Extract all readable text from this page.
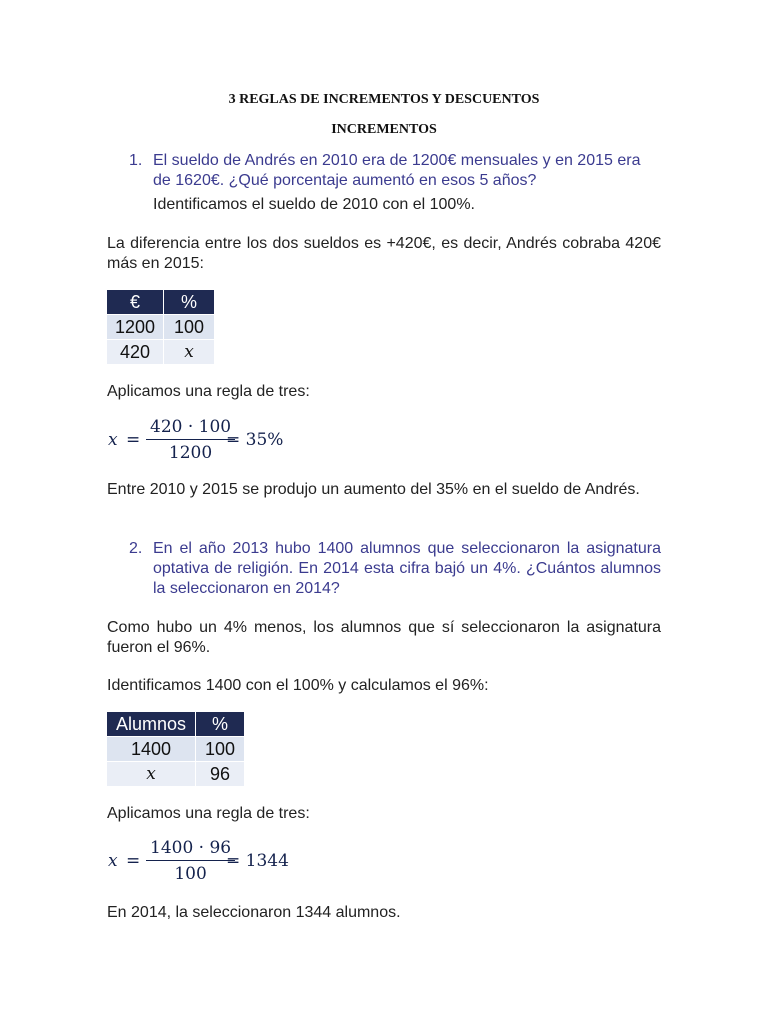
3 REGLAS DE INCREMENTOS Y DESCUENTOS
INCREMENTOS
1. El sueldo de Andrés en 2010 era de 1200€ mensuales y en 2015 era de 1620€. ¿Qué porcentaje aumentó en esos 5 años?
Identificamos el sueldo de 2010 con el 100%.
La diferencia entre los dos sueldos es +420€, es decir, Andrés cobraba 420€ más en 2015:
€	%
1200	100
420	x
Aplicamos una regla de tres:
x =
420 · 100
1200
= 35%
Entre 2010 y 2015 se produjo un aumento del 35% en el sueldo de Andrés.
2. En el año 2013 hubo 1400 alumnos que seleccionaron la asignatura optativa de religión. En 2014 esta cifra bajó un 4%. ¿Cuántos alumnos la seleccionaron en 2014?
Como hubo un 4% menos, los alumnos que sí seleccionaron la asignatura fueron el 96%.
Identificamos 1400 con el 100% y calculamos el 96%:
Alumnos	%
1400	100
x	96
Aplicamos una regla de tres:
x =
1400 · 96
100
= 1344
En 2014, la seleccionaron 1344 alumnos.
